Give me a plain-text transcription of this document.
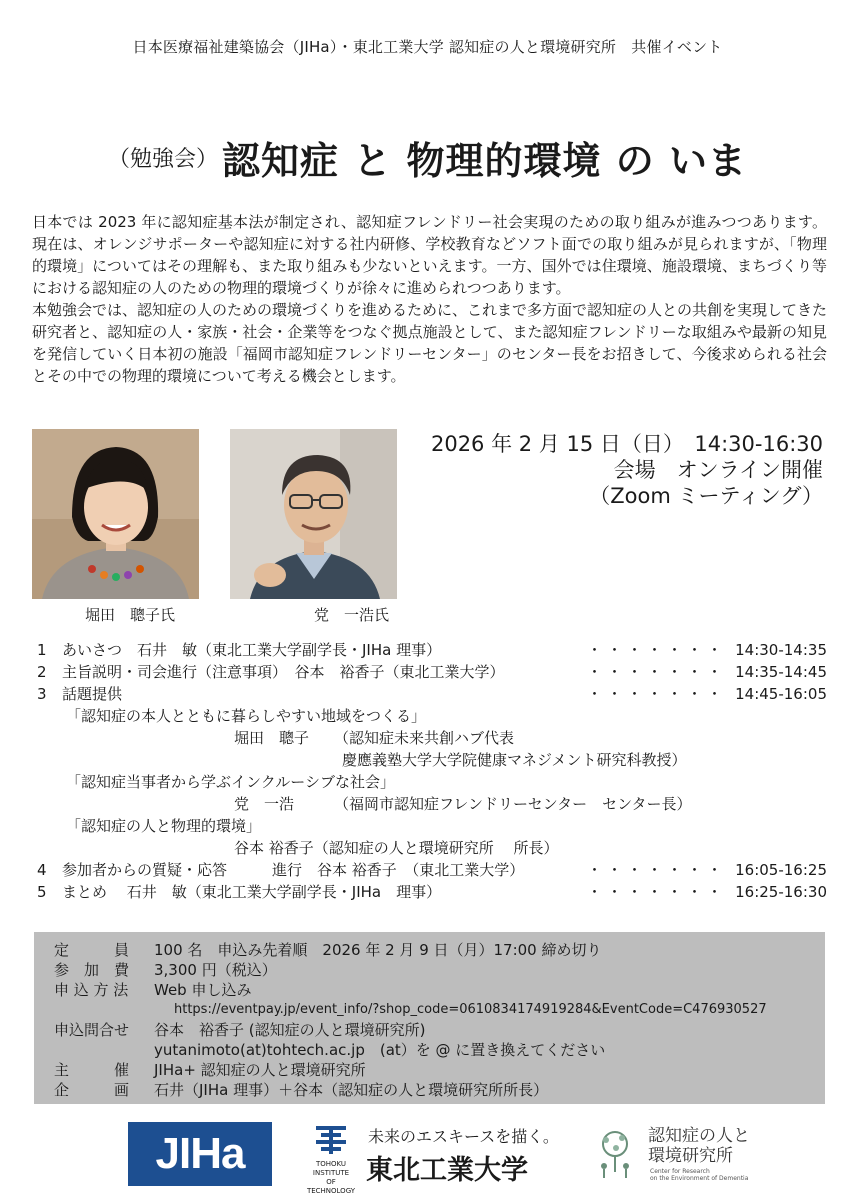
日本医療福祉建築協会（JIHa）・東北工業大学 認知症の人と環境研究所　共催イベント
（勉強会） 認知症 と 物理的環境 の いま

日本では 2023 年に認知症基本法が制定され、認知症フレンドリー社会実現のための取り組みが進みつつあります。現在は、オレンジサポーターや認知症に対する社内研修、学校教育などソフト面での取り組みが見られますが、「物理的環境」についてはその理解も、また取り組みも少ないといえます。一方、国外では住環境、施設環境、まちづくり等における認知症の人のための物理的環境づくりが徐々に進められつつあります。

本勉強会では、認知症の人のための環境づくりを進めるために、これまで多方面で認知症の人との共創を実現してきた研究者と、認知症の人・家族・社会・企業等をつなぐ拠点施設として、また認知症フレンドリーな取組みや最新の知見を発信していく日本初の施設「福岡市認知症フレンドリーセンター」のセンター長をお招きして、今後求められる社会とその中での物理的環境について考える機会とします。

堀田　聰子氏	党　一浩氏
2026 年 2 月 15 日（日）　14:30-16:30
会場　オンライン開催
（Zoom ミーティング）
1 あいさつ　石井　敏（東北工業大学副学長・JIHa 理事）	・・・・・・・ 14:30-14:35
2 主旨説明・司会進行（注意事項）　谷本　裕香子（東北工業大学）	・・・・・・・ 14:35-14:45
3 話題提供	・・・・・・・ 14:45-16:05
「認知症の本人とともに暮らしやすい地域をつくる」
堀田　聰子 （認知症未来共創ハブ代表
慶應義塾大学大学院健康マネジメント研究科教授）
「認知症当事者から学ぶインクルーシブな社会」
党　一浩	（福岡市認知症フレンドリーセンター　センター長）
「認知症の人と物理的環境」
谷本 裕香子（認知症の人と環境研究所　 所長）
4 参加者からの質疑・応答　　　進行　谷本 裕香子　（東北工業大学）	・・・・・・・ 16:05-16:25
5 まとめ　 石井　敏（東北工業大学副学長・JIHa　理事）	・・・・・・・ 16:25-16:30
定　　　員 100 名　申込み先着順　2026 年 2 月 9 日（月）17:00 締め切り
参　加　費 3,300 円（税込）
申 込 方 法 Web 申し込み
https://eventpay.jp/event_info/?shop_code=0610834174919284&EventCode=C476930527
申込問合せ 谷本　裕香子 (認知症の人と環境研究所)
yutanimoto(at)tohtech.ac.jp　(at）を @ に置き換えてください
主　　　催 JIHa+ 認知症の人と環境研究所
企　　　画 石井（JIHa 理事）＋谷本（認知症の人と環境研究所所長）
JIHa	TOHOKU INSTITUTE
OF TECHNOLOGY
未来のエスキースを描く。
東北工業大学
認知症の人と
環境研究所
Center for Research
on the Environment of Dementia
